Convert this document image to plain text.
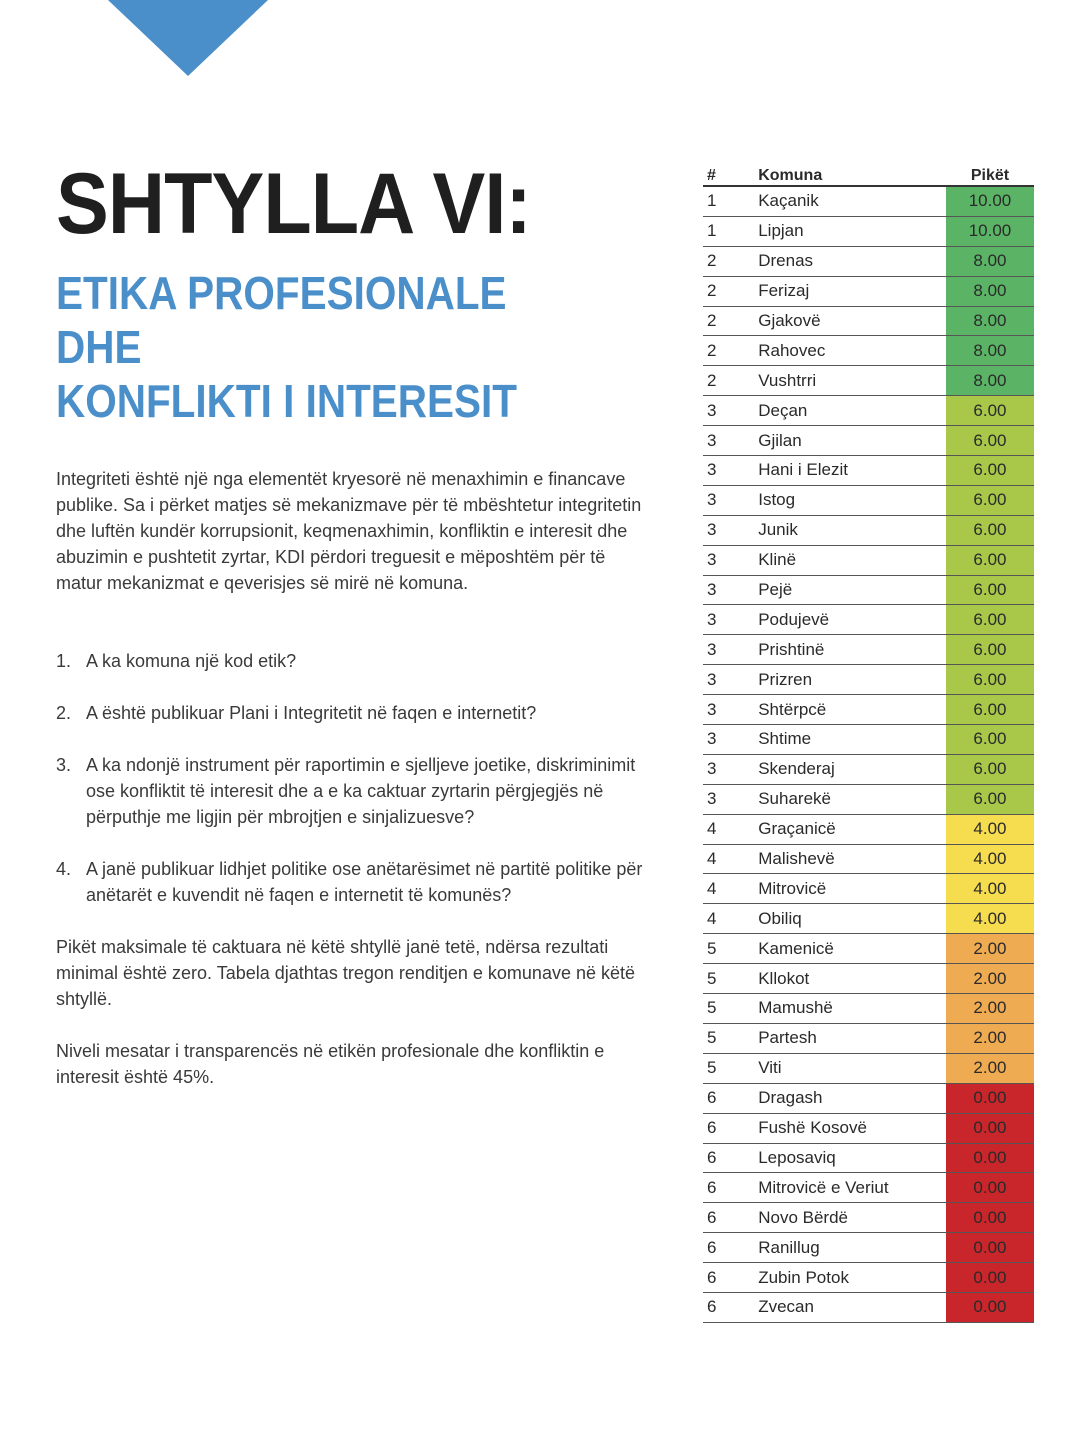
SHTYLLA VI:
ETIKA PROFESIONALE DHE
KONFLIKTI I INTERESIT

Integriteti është një nga elementët kryesorë në menaxhimin e financave publike. Sa i përket matjes së mekanizmave për të mbështetur integritetin dhe luftën kundër korrupsionit, keqmenaxhimin, konfliktin e interesit dhe abuzimin e pushtetit zyrtar, KDI përdori treguesit e mëposhtëm për të matur mekanizmat e qeverisjes së mirë në komuna.

1. A ka komuna një kod etik?
2. A është publikuar Plani i Integritetit në faqen e internetit?
3. A ka ndonjë instrument për raportimin e sjelljeve joetike, diskriminimit ose konfliktit të interesit dhe a e ka caktuar zyrtarin përgjegjës në përputhje me ligjin për mbrojtjen e sinjalizuesve?
4. A janë publikuar lidhjet politike ose anëtarësimet në partitë politike për anëtarët e kuvendit në faqen e internetit të komunës?

Pikët maksimale të caktuara në këtë shtyllë janë tetë, ndërsa rezultati minimal është zero. Tabela djathtas tregon renditjen e komunave në këtë shtyllë.

Niveli mesatar i transparencës në etikën profesionale dhe konfliktin e interesit është 45%.

#	Komuna	Pikët
1	Kaçanik	10.00
1	Lipjan	10.00
2	Drenas	8.00
2	Ferizaj	8.00
2	Gjakovë	8.00
2	Rahovec	8.00
2	Vushtrri	8.00
3	Deçan	6.00
3	Gjilan	6.00
3	Hani i Elezit	6.00
3	Istog	6.00
3	Junik	6.00
3	Klinë	6.00
3	Pejë	6.00
3	Podujevë	6.00
3	Prishtinë	6.00
3	Prizren	6.00
3	Shtërpcë	6.00
3	Shtime	6.00
3	Skenderaj	6.00
3	Suharekë	6.00
4	Graçanicë	4.00
4	Malishevë	4.00
4	Mitrovicë	4.00
4	Obiliq	4.00
5	Kamenicë	2.00
5	Kllokot	2.00
5	Mamushë	2.00
5	Partesh	2.00
5	Viti	2.00
6	Dragash	0.00
6	Fushë Kosovë	0.00
6	Leposaviq	0.00
6	Mitrovicë e Veriut	0.00
6	Novo Bërdë	0.00
6	Ranillug	0.00
6	Zubin Potok	0.00
6	Zvecan	0.00
